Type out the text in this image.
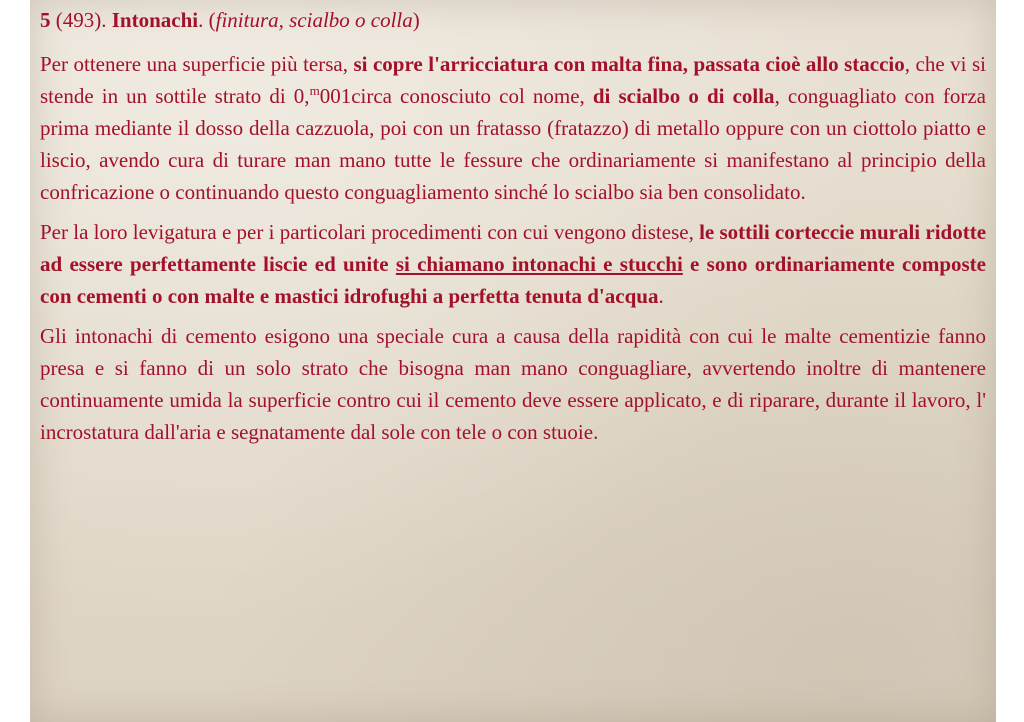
5 (493). Intonachi. (finitura, scialbo o colla)

Per ottenere una superficie più tersa, si copre l'arricciatura con malta fina, passata cioè allo staccio, che vi si stende in un sottile strato di 0,$^m$001circa conosciuto col nome, di scialbo o di colla, conguagliato con forza prima mediante il dosso della cazzuola, poi con un fratasso (fratazzo) di metallo oppure con un ciottolo piatto e liscio, avendo cura di turare man mano tutte le fessure che ordinariamente si manifestano al principio della confricazione o continuando questo conguagliamento sinché lo scialbo sia ben consolidato.

Per la loro levigatura e per i particolari procedimenti con cui vengono distese, le sottili corteccie murali ridotte ad essere perfettamente liscie ed unite si chiamano intonachi e stucchi e sono ordinariamente composte con cementi o con malte e mastici idrofughi a perfetta tenuta d'acqua.

Gli intonachi di cemento esigono una speciale cura a causa della rapidità con cui le malte cementizie fanno presa e si fanno di un solo strato che bisogna man mano conguagliare, avvertendo inoltre di mantenere continuamente umida la superficie contro cui il cemento deve essere applicato, e di riparare, durante il lavoro, l' incrostatura dall'aria e segnatamente dal sole con tele o con stuoie.
